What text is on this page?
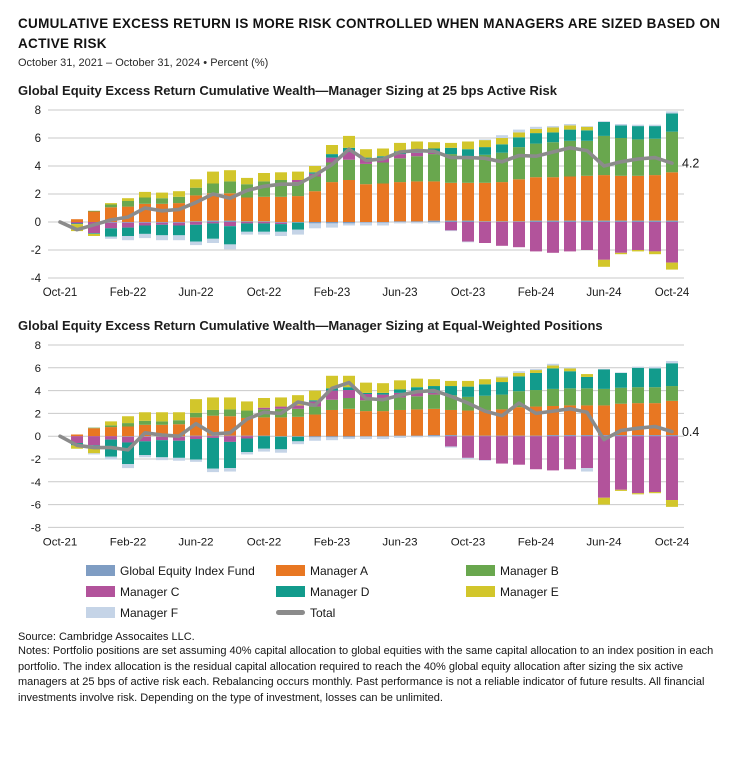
CUMULATIVE EXCESS RETURN IS MORE RISK CONTROLLED WHEN MANAGERS ARE SIZED BASED ON ACTIVE RISK
October 31, 2021 – October 31, 2024 • Percent (%)
Global Equity Excess Return Cumulative Wealth—Manager Sizing at 25 bps Active Risk
8
6
4
2
0
-2
-4
4.2
Oct-21	Feb-22	Jun-22	Oct-22	Feb-23	Jun-23	Oct-23	Feb-24	Jun-24	Oct-24
Global Equity Excess Return Cumulative Wealth—Manager Sizing at Equal-Weighted Positions
8
6
4
2
0
-2
-4
-6
-8
0.4
Oct-21	Feb-22	Jun-22	Oct-22	Feb-23	Jun-23	Oct-23	Feb-24	Jun-24	Oct-24
Global Equity Index Fund	Manager A	Manager B
Manager C	Manager D	Manager E
Manager F	Total
Source: Cambridge Assocaites LLC.

Notes: Portfolio positions are set assuming 40% capital allocation to global equities with the same capital allocation to an index position in each portfolio. The index allocation is the residual capital allocation required to reach the 40% global equity allocation after sizing the six active managers at 25 bps of active risk each. Rebalancing occurs monthly. Past performance is not a reliable indicator of future results. All financial investments involve risk. Depending on the type of investment, losses can be unlimited.
